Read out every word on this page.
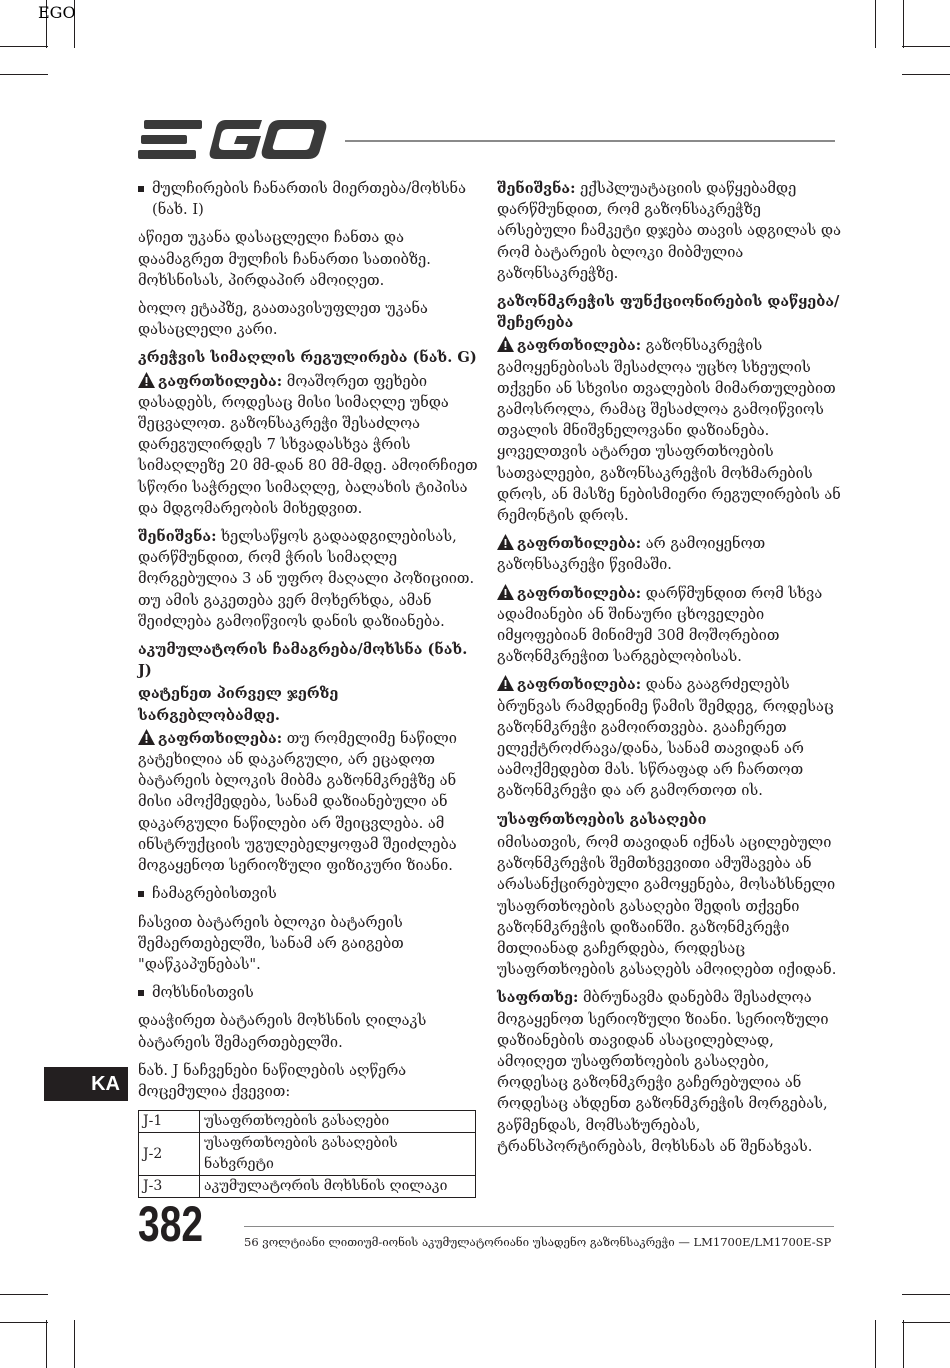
EGO
მულჩირების ჩანართის მიერთება/მოხსნა (ნახ. I)

აწიეთ უკანა დასაცლელი ჩანთა და დაამაგრეთ მულჩის ჩანართი სათიბზე. მოხსნისას, პირდაპირ ამოიღეთ.

ბოლო ეტაპზე, გაათავისუფლეთ უკანა დასაცლელი კარი.

კრეჭვის სიმაღლის რეგულირება (ნახ. G)

გაფრთხილება: მოაშორეთ ფეხები დასადებს, როდესაც მისი სიმაღლე უნდა შეცვალოთ. გაზონსაკრეჭი შესაძლოა დარეგულირდეს 7 სხვადასხვა ჭრის სიმაღლეზე 20 მმ-დან 80 მმ-მდე. ამოირჩიეთ სწორი საჭრელი სიმაღლე, ბალახის ტიპისა და მდგომარეობის მიხედვით.

შენიშვნა: ხელსაწყოს გადაადგილებისას, დარწმუნდით, რომ ჭრის სიმაღლე მორგებულია 3 ან უფრო მაღალი პოზიციით. თუ ამის გაკეთება ვერ მოხერხდა, ამან შეიძლება გამოიწვიოს დანის დაზიანება.

აკუმულატორის ჩამაგრება/მოხსნა (ნახ. J)
დატენეთ პირველ ჯერზე სარგებლობამდე.

გაფრთხილება: თუ რომელიმე ნაწილი გატეხილია ან დაკარგული, არ ეცადოთ ბატარეის ბლოკის მიბმა გაზონმკრეჭზე ან მისი ამოქმედება, სანამ დაზიანებული ან დაკარგული ნაწილები არ შეიცვლება. ამ ინსტრუქციის უგულებელყოფამ შეიძლება მოგაყენოთ სერიოზული ფიზიკური ზიანი.

ჩამაგრებისთვის

ჩასვით ბატარეის ბლოკი ბატარეის შემაერთებელში, სანამ არ გაიგებთ "დაწკაპუნებას".

მოხსნისთვის

დააჭირეთ ბატარეის მოხსნის ღილაკს ბატარეის შემაერთებელში.

ნახ. J ნაჩვენები ნაწილების აღწერა მოცემულია ქვევით:

J-1	უსაფრთხოების გასაღები
J-2	უსაფრთხოების გასაღების ნახვრეტი
J-3	აკუმულატორის მოხსნის ღილაკი

შენიშვნა: ექსპლუატაციის დაწყებამდე დარწმუნდით, რომ გაზონსაკრეჭზე არსებული ჩამკეტი დჯება თავის ადგილას და რომ ბატარეის ბლოკი მიბმულია გაზონსაკრეჭზე.

გაზონმკრეჭის ფუნქციონირების დაწყება/შეჩერება

გაფრთხილება: გაზონსაკრეჭის გამოყენებისას შესაძლოა უცხო სხეულის თქვენი ან სხვისი თვალების მიმართულებით გამოსროლა, რამაც შესაძლოა გამოიწვიოს თვალის მნიშვნელოვანი დაზიანება. ყოველთვის ატარეთ უსაფრთხოების სათვალეები, გაზონსაკრეჭის მოხმარების დროს, ან მასზე ნებისმიერი რეგულირების ან რემონტის დროს.

გაფრთხილება: არ გამოიყენოთ გაზონსაკრეჭი წვიმაში.

გაფრთხილება: დარწმუნდით რომ სხვა ადამიანები ან შინაური ცხოველები იმყოფებიან მინიმუმ 30მ მოშორებით გაზონმკრეჭით სარგებლობისას.

გაფრთხილება: დანა გააგრძელებს ბრუნვას რამდენიმე წამის შემდეგ, როდესაც გაზონმკრეჭი გამოირთვება. გააჩერეთ ელექტროძრავა/დანა, სანამ თავიდან არ აამოქმედებთ მას. სწრაფად არ ჩართოთ გაზონმკრეჭი და არ გამორთოთ ის.

უსაფრთხოების გასაღები

იმისათვის, რომ თავიდან იქნას აცილებული გაზონმკრეჭის შემთხვევითი ამუშავება ან არასანქცირებული გამოყენება, მოსახსნელი უსაფრთხოების გასაღები შედის თქვენი გაზონმკრეჭის დიზაინში. გაზონმკრეჭი მთლიანად გაჩერდება, როდესაც უსაფრთხოების გასაღებს ამოიღებთ იქიდან.

საფრთხე: მბრუნავმა დანებმა შესაძლოა მოგაყენოთ სერიოზული ზიანი. სერიოზული დაზიანების თავიდან ასაცილებლად, ამოიღეთ უსაფრთხოების გასაღები, როდესაც გაზონმკრეჭი გაჩერებულია ან როდესაც ახდენთ გაზონმკრეჭის მორგებას, გაწმენდას, მომსახურებას, ტრანსპორტირებას, მოხსნას ან შენახვას.

KA
382	56 ვოლტიანი ლითიუმ-იონის აკუმულატორიანი უსადენო გაზონსაკრეჭი — LM1700E/LM1700E-SP
